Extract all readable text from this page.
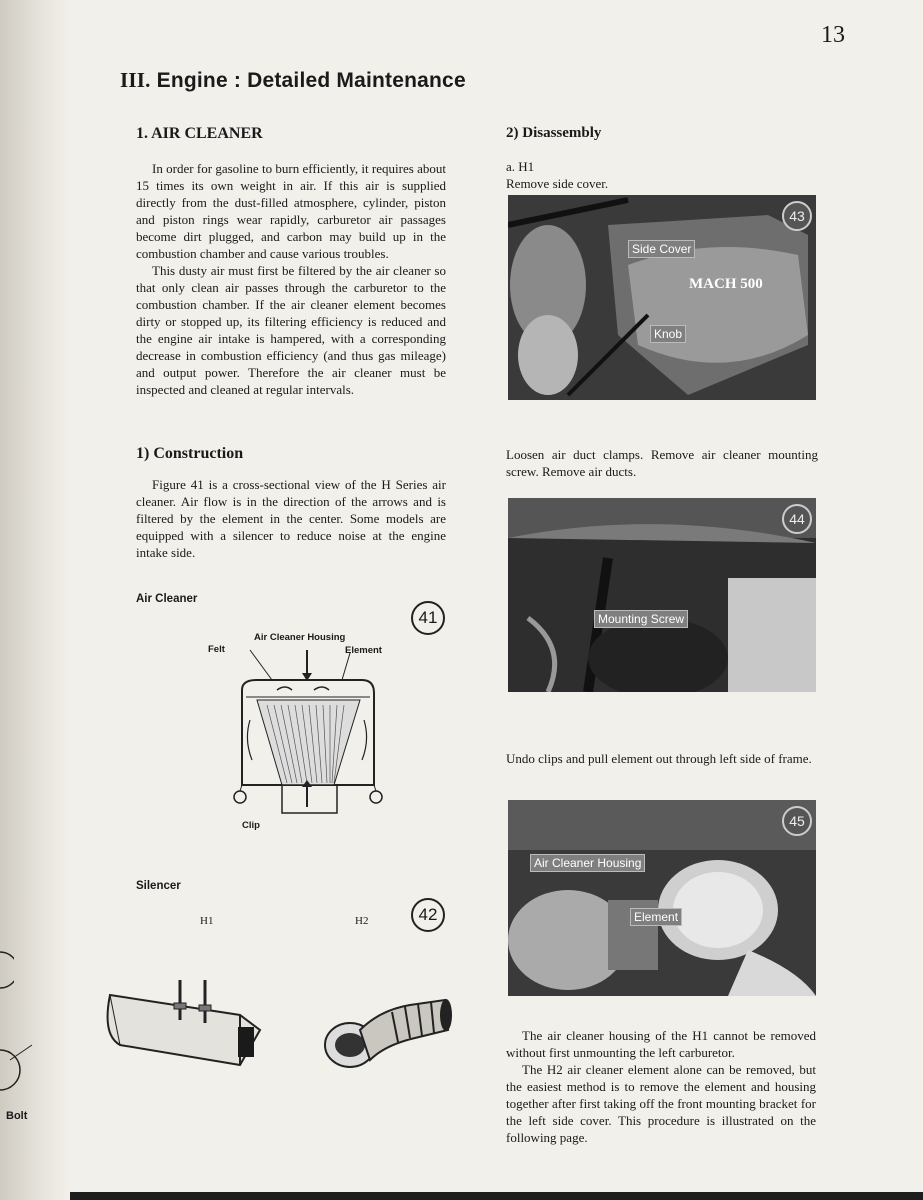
Bolt
13
III. Engine : Detailed Maintenance
1. AIR CLEANER

In order for gasoline to burn efficiently, it requires about 15 times its own weight in air. If this air is supplied directly from the dust-filled atmosphere, cylinder, piston and piston rings wear rapidly, carburetor air passages become dirt plugged, and carbon may build up in the combustion chamber and cause various troubles.

This dusty air must first be filtered by the air cleaner so that only clean air passes through the carburetor to the combustion chamber. If the air cleaner element becomes dirty or stopped up, its filtering efficiency is reduced and the engine air intake is hampered, with a corresponding decrease in combustion efficiency (and thus gas mileage) and output power. Therefore the air cleaner must be inspected and cleaned at regular intervals.

1) Construction

Figure 41 is a cross-sectional view of the H Series air cleaner. Air flow is in the direction of the arrows and is filtered by the element in the center. Some models are equipped with a silencer to reduce noise at the engine intake side.

Air Cleaner
41
Air Cleaner Housing
Felt	Element
Clip
Silencer
H1	H2	42
2) Disassembly

a. H1

Remove side cover.

43
Side Cover
MACH 500
Knob

Loosen air duct clamps. Remove air cleaner mounting screw. Remove air ducts.

44
Mounting Screw

Undo clips and pull element out through left side of frame.

45
Air Cleaner Housing
Element

The air cleaner housing of the H1 cannot be removed without first unmounting the left carburetor.

The H2 air cleaner element alone can be removed, but the easiest method is to remove the element and housing together after first taking off the front mounting bracket for the left side cover. This procedure is illustrated on the following page.
